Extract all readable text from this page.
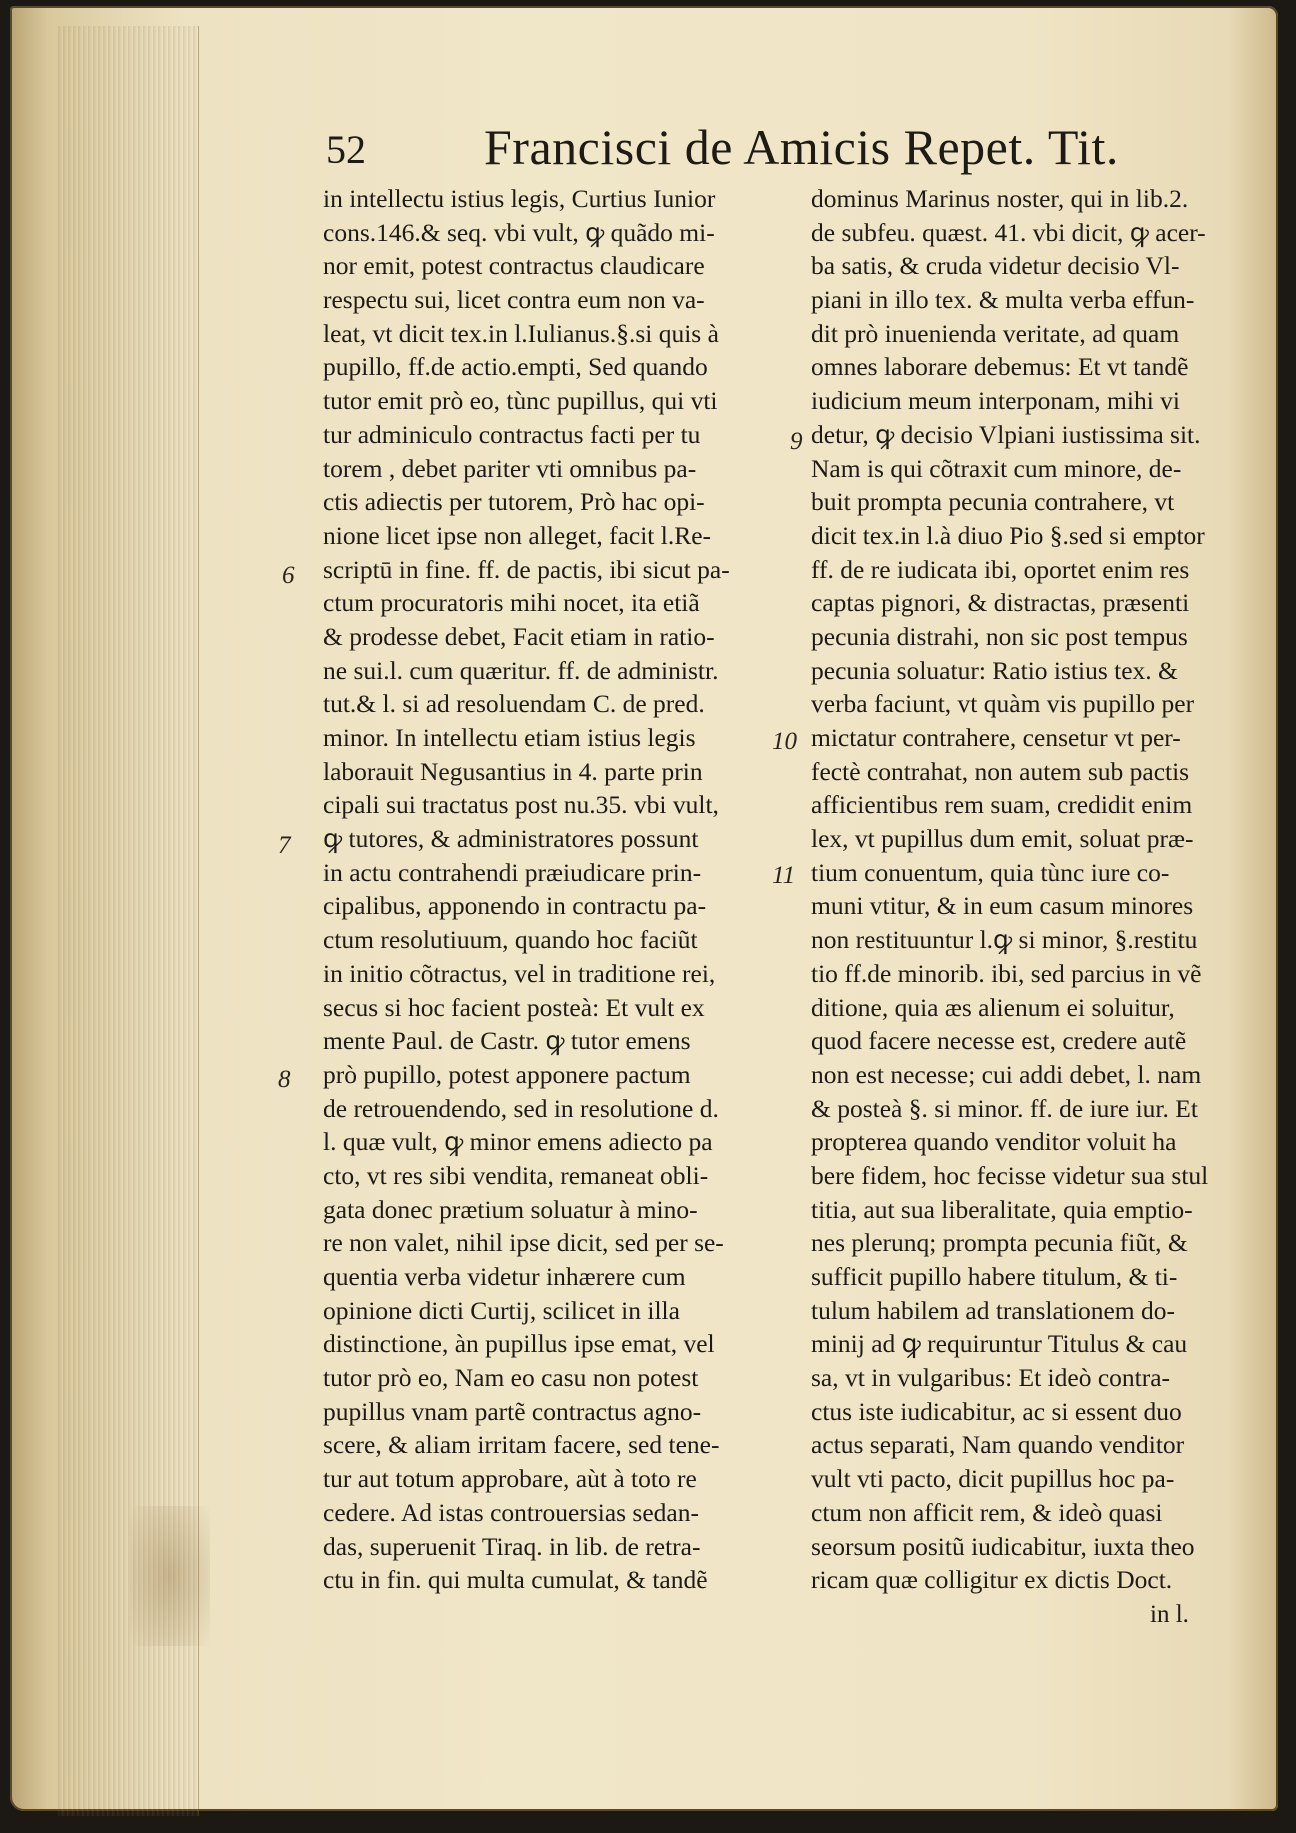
52 Francisci de Amicis Repet. Tit.
6
7
8
9
10
11
in intellectu istius legis, Curtius Iunior
cons.146.& seq. vbi vult, ꝙ quãdo mi-
nor emit, potest contractus claudicare
respectu sui, licet contra eum non va-
leat, vt dicit tex.in l.Iulianus.§.si quis à
pupillo, ff.de actio.empti, Sed quando
tutor emit prò eo, tùnc pupillus, qui vti
tur adminiculo contractus facti per tu
torem , debet pariter vti omnibus pa-
ctis adiectis per tutorem, Prò hac opi-
nione licet ipse non alleget, facit l.Re-
scriptū in fine. ff. de pactis, ibi sicut pa-
ctum procuratoris mihi nocet, ita etiã
& prodesse debet, Facit etiam in ratio-
ne sui.l. cum quæritur. ff. de administr.
tut.& l. si ad resoluendam C. de pred.
minor. In intellectu etiam istius legis
laborauit Negusantius in 4. parte prin
cipali sui tractatus post nu.35. vbi vult,
ꝙ tutores, & administratores possunt
in actu contrahendi præiudicare prin-
cipalibus, apponendo in contractu pa-
ctum resolutiuum, quando hoc faciũt
in initio cõtractus, vel in traditione rei,
secus si hoc facient posteà: Et vult ex
mente Paul. de Castr. ꝙ tutor emens
prò pupillo, potest apponere pactum
de retrouendendo, sed in resolutione d.
l. quæ vult, ꝙ minor emens adiecto pa
cto, vt res sibi vendita, remaneat obli-
gata donec prætium soluatur à mino-
re non valet, nihil ipse dicit, sed per se-
quentia verba videtur inhærere cum
opinione dicti Curtij, scilicet in illa
distinctione, àn pupillus ipse emat, vel
tutor prò eo, Nam eo casu non potest
pupillus vnam partẽ contractus agno-
scere, & aliam irritam facere, sed tene-
tur aut totum approbare, aùt à toto re
cedere. Ad istas controuersias sedan-
das, superuenit Tiraq. in lib. de retra-
ctu in fin. qui multa cumulat, & tandẽ
dominus Marinus noster, qui in lib.2.
de subfeu. quæst. 41. vbi dicit, ꝙ acer-
ba satis, & cruda videtur decisio Vl-
piani in illo tex. & multa verba effun-
dit prò inuenienda veritate, ad quam
omnes laborare debemus: Et vt tandẽ
iudicium meum interponam, mihi vi
detur, ꝙ decisio Vlpiani iustissima sit.
Nam is qui cõtraxit cum minore, de-
buit prompta pecunia contrahere, vt
dicit tex.in l.à diuo Pio §.sed si emptor
ff. de re iudicata ibi, oportet enim res
captas pignori, & distractas, præsenti
pecunia distrahi, non sic post tempus
pecunia soluatur: Ratio istius tex. &
verba faciunt, vt quàm vis pupillo per
mictatur contrahere, censetur vt per-
fectè contrahat, non autem sub pactis
afficientibus rem suam, credidit enim
lex, vt pupillus dum emit, soluat præ-
tium conuentum, quia tùnc iure co-
muni vtitur, & in eum casum minores
non restituuntur l.ꝙ si minor, §.restitu
tio ff.de minorib. ibi, sed parcius in vẽ
ditione, quia æs alienum ei soluitur,
quod facere necesse est, credere autẽ
non est necesse; cui addi debet, l. nam
& posteà §. si minor. ff. de iure iur. Et
propterea quando venditor voluit ha
bere fidem, hoc fecisse videtur sua stul
titia, aut sua liberalitate, quia emptio-
nes plerunq; prompta pecunia fiũt, &
sufficit pupillo habere titulum, & ti-
tulum habilem ad translationem do-
minij ad ꝙ requiruntur Titulus & cau
sa, vt in vulgaribus: Et ideò contra-
ctus iste iudicabitur, ac si essent duo
actus separati, Nam quando venditor
vult vti pacto, dicit pupillus hoc pa-
ctum non afficit rem, & ideò quasi
seorsum positũ iudicabitur, iuxta theo
ricam quæ colligitur ex dictis Doct.
in l.
